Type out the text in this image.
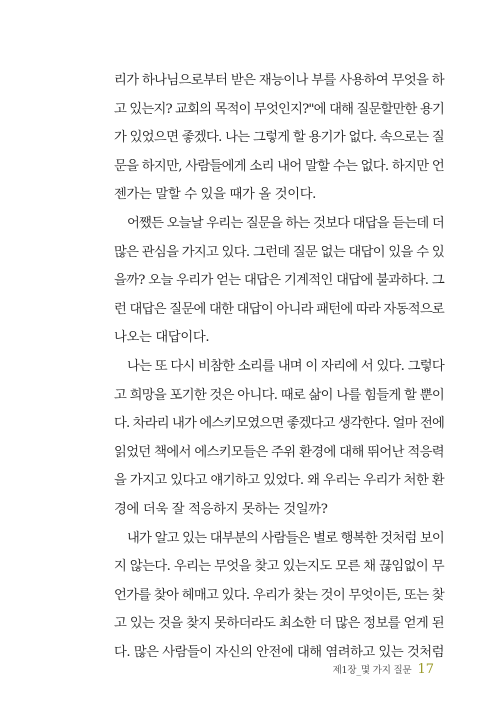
리가 하나님으로부터 받은 재능이나 부를 사용하여 무엇을 하
고 있는지? 교회의 목적이 무엇인지?"에 대해 질문할만한 용기
가 있었으면 좋겠다. 나는 그렇게 할 용기가 없다. 속으로는 질
문을 하지만, 사람들에게 소리 내어 말할 수는 없다. 하지만 언
젠가는 말할 수 있을 때가 올 것이다.
어쨌든 오늘날 우리는 질문을 하는 것보다 대답을 듣는데 더
많은 관심을 가지고 있다. 그런데 질문 없는 대답이 있을 수 있
을까? 오늘 우리가 얻는 대답은 기계적인 대답에 불과하다. 그
런 대답은 질문에 대한 대답이 아니라 패턴에 따라 자동적으로
나오는 대답이다.
나는 또 다시 비참한 소리를 내며 이 자리에 서 있다. 그렇다
고 희망을 포기한 것은 아니다. 때로 삶이 나를 힘들게 할 뿐이
다. 차라리 내가 에스키모였으면 좋겠다고 생각한다. 얼마 전에
읽었던 책에서 에스키모들은 주위 환경에 대해 뛰어난 적응력
을 가지고 있다고 얘기하고 있었다. 왜 우리는 우리가 처한 환
경에 더욱 잘 적응하지 못하는 것일까?
내가 알고 있는 대부분의 사람들은 별로 행복한 것처럼 보이
지 않는다. 우리는 무엇을 찾고 있는지도 모른 채 끊임없이 무
언가를 찾아 헤매고 있다. 우리가 찾는 것이 무엇이든, 또는 찾
고 있는 것을 찾지 못하더라도 최소한 더 많은 정보를 얻게 된
다. 많은 사람들이 자신의 안전에 대해 염려하고 있는 것처럼
제1장_몇 가지 질문 17
